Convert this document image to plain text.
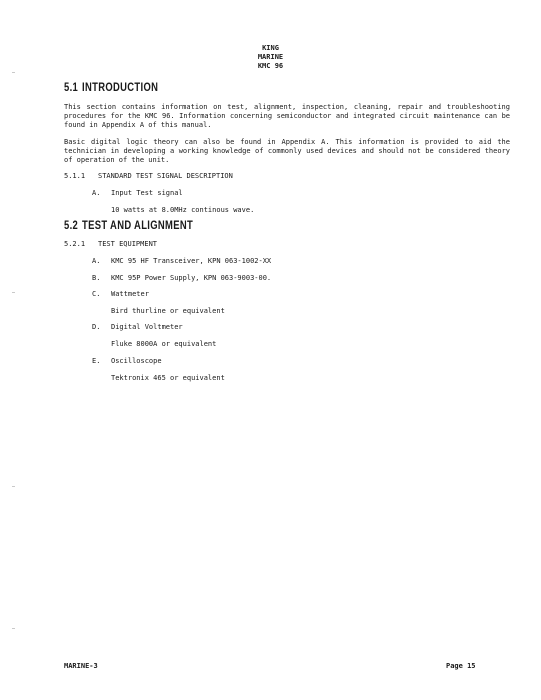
KING
MARINE
KMC 96
5.1 INTRODUCTION
This section contains information on test, alignment, inspection, cleaning, repair and troubleshooting procedures for the KMC 96. Information concerning semiconductor and integrated circuit maintenance can be found in Appendix A of this manual.
Basic digital logic theory can also be found in Appendix A. This information is provided to aid the technician in developing a working knowledge of commonly used devices and should not be considered theory of operation of the unit.
5.1.1 STANDARD TEST SIGNAL DESCRIPTION
A. Input Test signal
10 watts at 8.0MHz continous wave.
5.2 TEST AND ALIGNMENT
5.2.1 TEST EQUIPMENT
A. KMC 95 HF Transceiver, KPN 063-1002-XX
B. KMC 95P Power Supply, KPN 063-9003-00.
C. Wattmeter
Bird thurline or equivalent
D. Digital Voltmeter
Fluke 8000A or equivalent
E. Oscilloscope
Tektronix 465 or equivalent
MARINE-3	Page 15
